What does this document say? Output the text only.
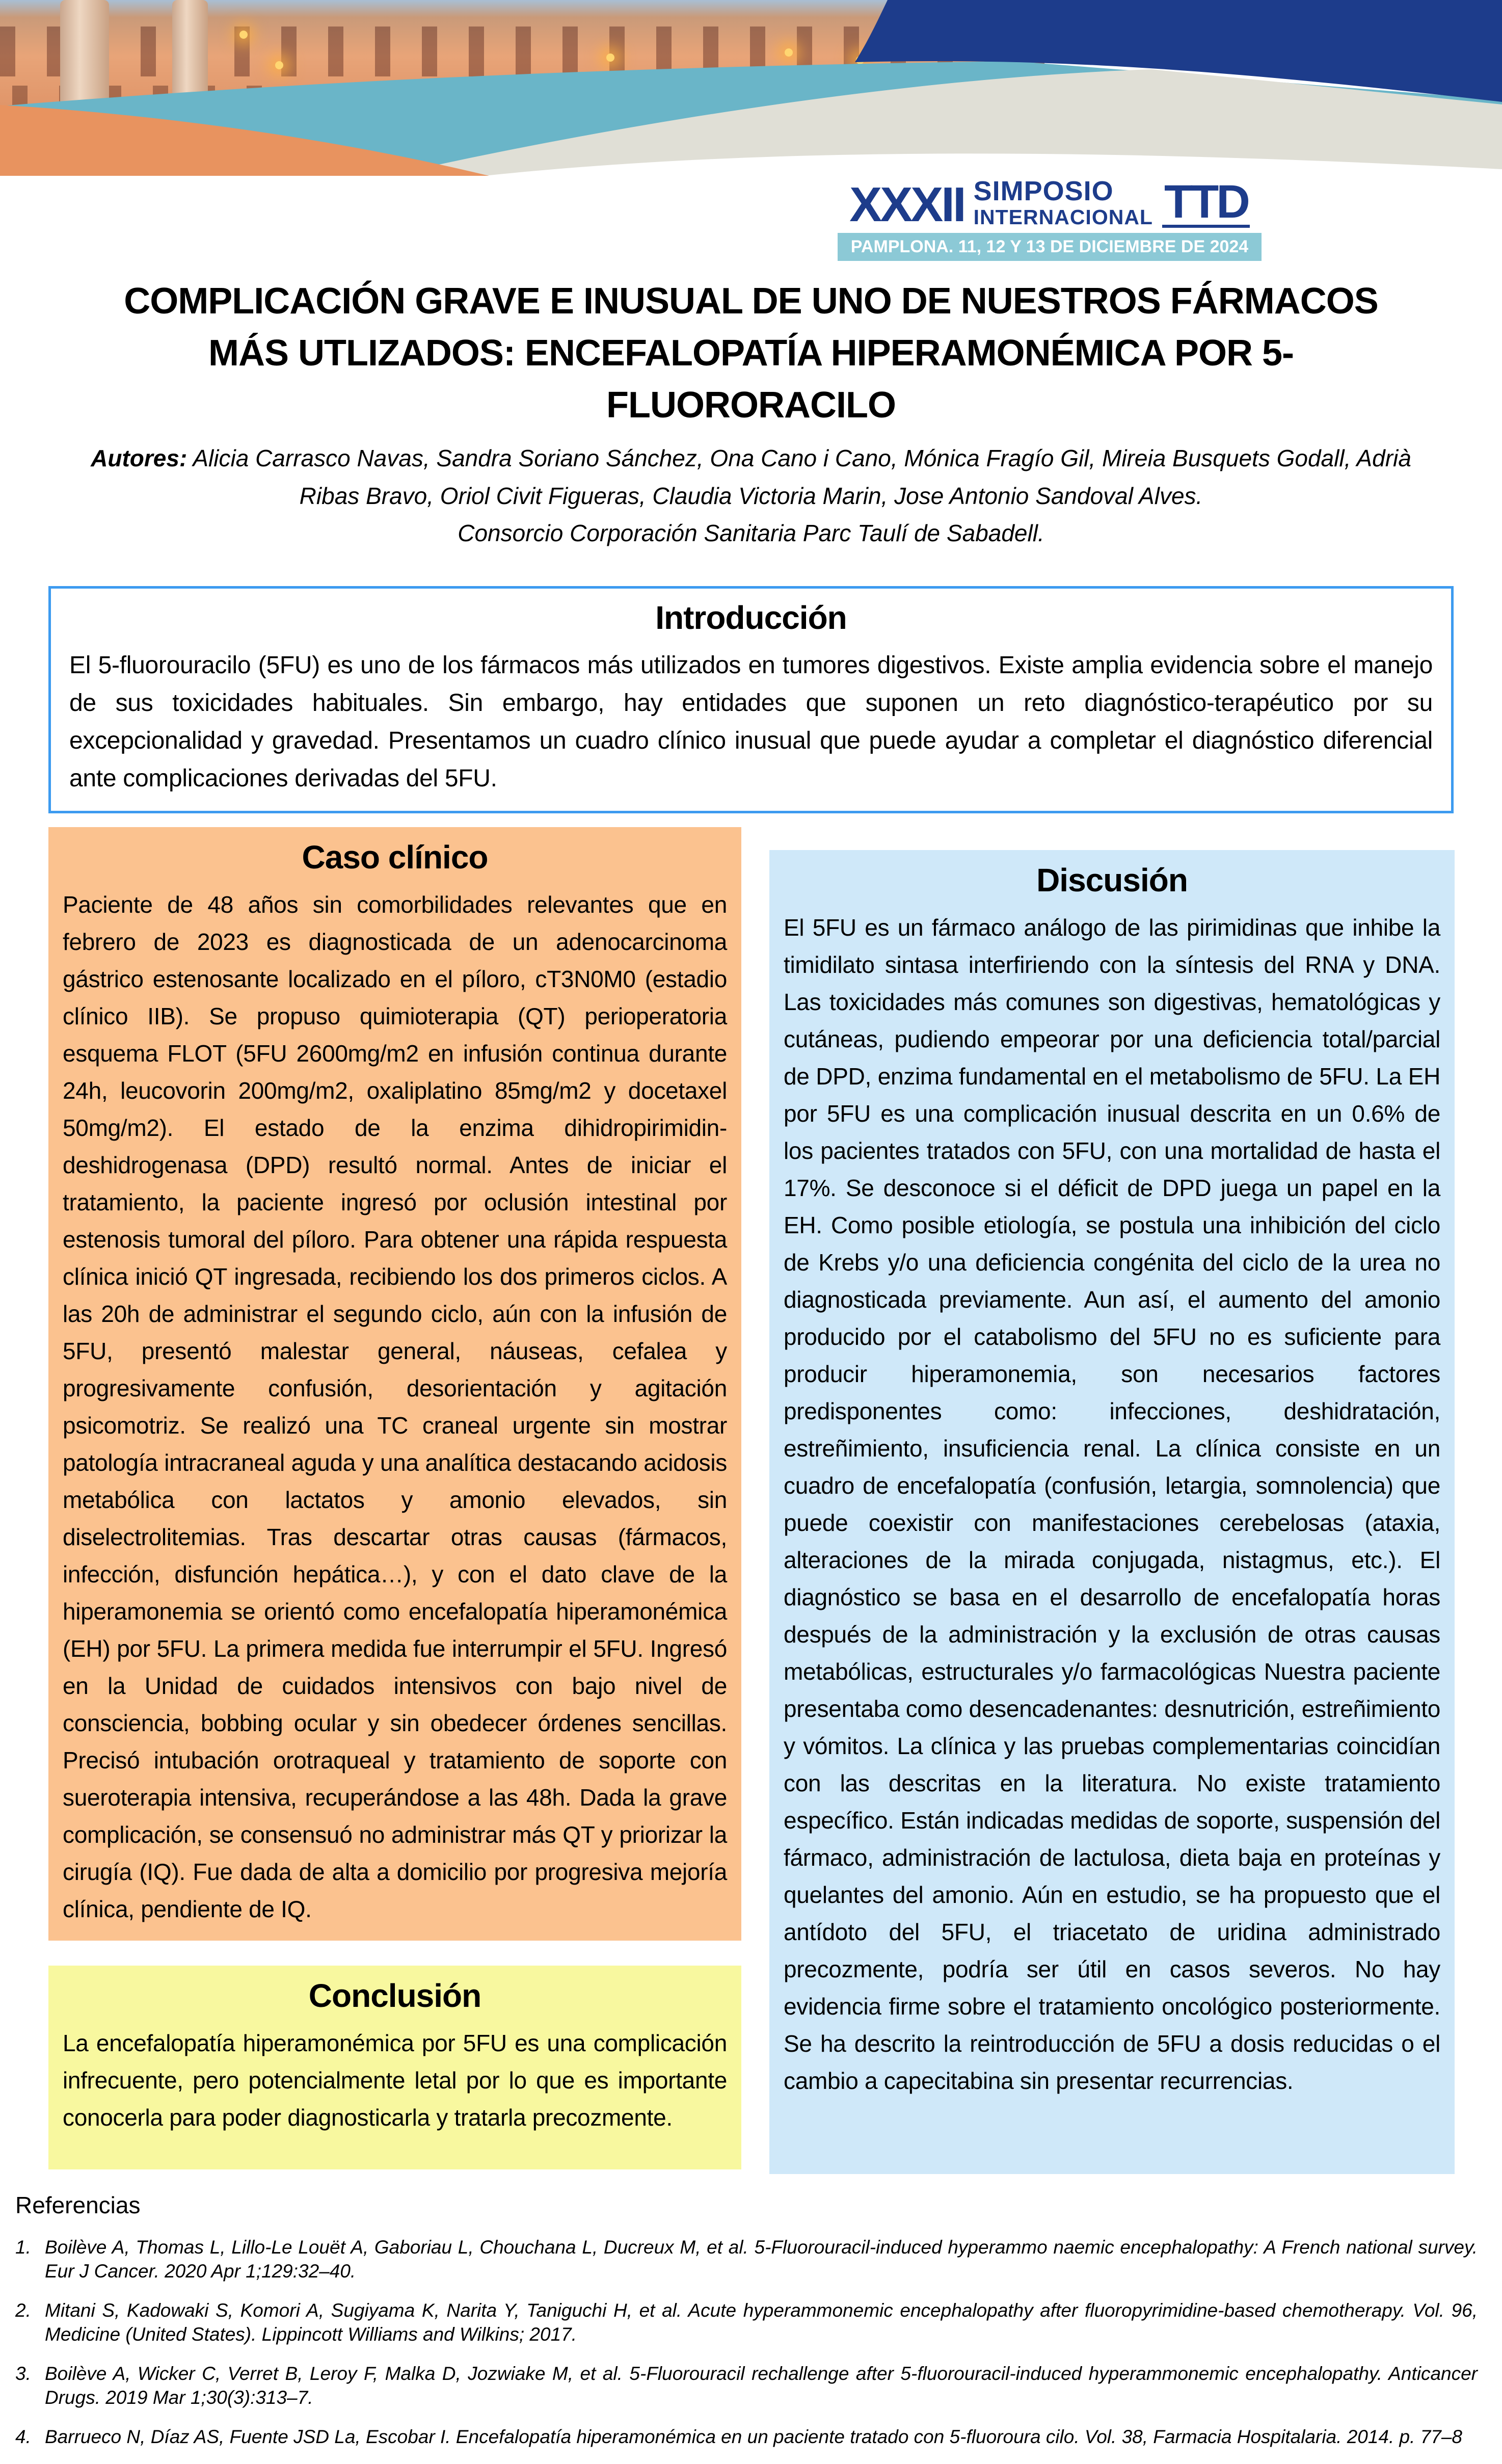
XXXII SIMPOSIO
INTERNACIONAL TTD
PAMPLONA. 11, 12 Y 13 DE DICIEMBRE DE 2024
COMPLICACIÓN GRAVE E INUSUAL DE UNO DE NUESTROS FÁRMACOS
MÁS UTLIZADOS: ENCEFALOPATÍA HIPERAMONÉMICA POR 5-
FLUORORACILO
Autores: Alicia Carrasco Navas, Sandra Soriano Sánchez, Ona Cano i Cano, Mónica Fragío Gil, Mireia Busquets Godall, Adrià Ribas Bravo, Oriol Civit Figueras, Claudia Victoria Marin, Jose Antonio Sandoval Alves.
Consorcio Corporación Sanitaria Parc Taulí de Sabadell.
Introducción
El 5-fluorouracilo (5FU) es uno de los fármacos más utilizados en tumores digestivos. Existe amplia evidencia sobre el manejo de sus toxicidades habituales. Sin embargo, hay entidades que suponen un reto diagnóstico-terapéutico por su excepcionalidad y gravedad. Presentamos un cuadro clínico inusual que puede ayudar a completar el diagnóstico diferencial ante complicaciones derivadas del 5FU.
Caso clínico
Paciente de 48 años sin comorbilidades relevantes que en febrero de 2023 es diagnosticada de un adenocarcinoma gástrico estenosante localizado en el píloro, cT3N0M0 (estadio clínico IIB). Se propuso quimioterapia (QT) perioperatoria esquema FLOT (5FU 2600mg/m2 en infusión continua durante 24h, leucovorin 200mg/m2, oxaliplatino 85mg/m2 y docetaxel 50mg/m2). El estado de la enzima dihidropirimidin-deshidrogenasa (DPD) resultó normal. Antes de iniciar el tratamiento, la paciente ingresó por oclusión intestinal por estenosis tumoral del píloro. Para obtener una rápida respuesta clínica inició QT ingresada, recibiendo los dos primeros ciclos. A las 20h de administrar el segundo ciclo, aún con la infusión de 5FU, presentó malestar general, náuseas, cefalea y progresivamente confusión, desorientación y agitación psicomotriz. Se realizó una TC craneal urgente sin mostrar patología intracraneal aguda y una analítica destacando acidosis metabólica con lactatos y amonio elevados, sin diselectrolitemias. Tras descartar otras causas (fármacos, infección, disfunción hepática…), y con el dato clave de la hiperamonemia se orientó como encefalopatía hiperamonémica (EH) por 5FU. La primera medida fue interrumpir el 5FU. Ingresó en la Unidad de cuidados intensivos con bajo nivel de consciencia, bobbing ocular y sin obedecer órdenes sencillas. Precisó intubación orotraqueal y tratamiento de soporte con sueroterapia intensiva, recuperándose a las 48h. Dada la grave complicación, se consensuó no administrar más QT y priorizar la cirugía (IQ). Fue dada de alta a domicilio por progresiva mejoría clínica, pendiente de IQ.
Discusión
El 5FU es un fármaco análogo de las pirimidinas que inhibe la timidilato sintasa interfiriendo con la síntesis del RNA y DNA. Las toxicidades más comunes son digestivas, hematológicas y cutáneas, pudiendo empeorar por una deficiencia total/parcial de DPD, enzima fundamental en el metabolismo de 5FU. La EH por 5FU es una complicación inusual descrita en un 0.6% de los pacientes tratados con 5FU, con una mortalidad de hasta el 17%. Se desconoce si el déficit de DPD juega un papel en la EH. Como posible etiología, se postula una inhibición del ciclo de Krebs y/o una deficiencia congénita del ciclo de la urea no diagnosticada previamente. Aun así, el aumento del amonio producido por el catabolismo del 5FU no es suficiente para producir hiperamonemia, son necesarios factores predisponentes como: infecciones, deshidratación, estreñimiento, insuficiencia renal. La clínica consiste en un cuadro de encefalopatía (confusión, letargia, somnolencia) que puede coexistir con manifestaciones cerebelosas (ataxia, alteraciones de la mirada conjugada, nistagmus, etc.). El diagnóstico se basa en el desarrollo de encefalopatía horas después de la administración y la exclusión de otras causas metabólicas, estructurales y/o farmacológicas Nuestra paciente presentaba como desencadenantes: desnutrición, estreñimiento y vómitos. La clínica y las pruebas complementarias coincidían con las descritas en la literatura. No existe tratamiento específico. Están indicadas medidas de soporte, suspensión del fármaco, administración de lactulosa, dieta baja en proteínas y quelantes del amonio. Aún en estudio, se ha propuesto que el antídoto del 5FU, el triacetato de uridina administrado precozmente, podría ser útil en casos severos. No hay evidencia firme sobre el tratamiento oncológico posteriormente. Se ha descrito la reintroducción de 5FU a dosis reducidas o el cambio a capecitabina sin presentar recurrencias.
Conclusión
La encefalopatía hiperamonémica por 5FU es una complicación infrecuente, pero potencialmente letal por lo que es importante conocerla para poder diagnosticarla y tratarla precozmente.
Referencias
1. Boilève A, Thomas L, Lillo-Le Louët A, Gaboriau L, Chouchana L, Ducreux M, et al. 5-Fluorouracil-induced hyperammo naemic encephalopathy: A French national survey. Eur J Cancer. 2020 Apr 1;129:32–40.
2. Mitani S, Kadowaki S, Komori A, Sugiyama K, Narita Y, Taniguchi H, et al. Acute hyperammonemic encephalopathy after fluoropyrimidine-based chemotherapy. Vol. 96, Medicine (United States). Lippincott Williams and Wilkins; 2017.
3. Boilève A, Wicker C, Verret B, Leroy F, Malka D, Jozwiake M, et al. 5-Fluorouracil rechallenge after 5-fluorouracil-induced hyperammonemic encephalopathy. Anticancer Drugs. 2019 Mar 1;30(3):313–7.
4. Barrueco N, Díaz AS, Fuente JSD La, Escobar I. Encefalopatía hiperamonémica en un paciente tratado con 5-fluoroura cilo. Vol. 38, Farmacia Hospitalaria. 2014. p. 77–8
